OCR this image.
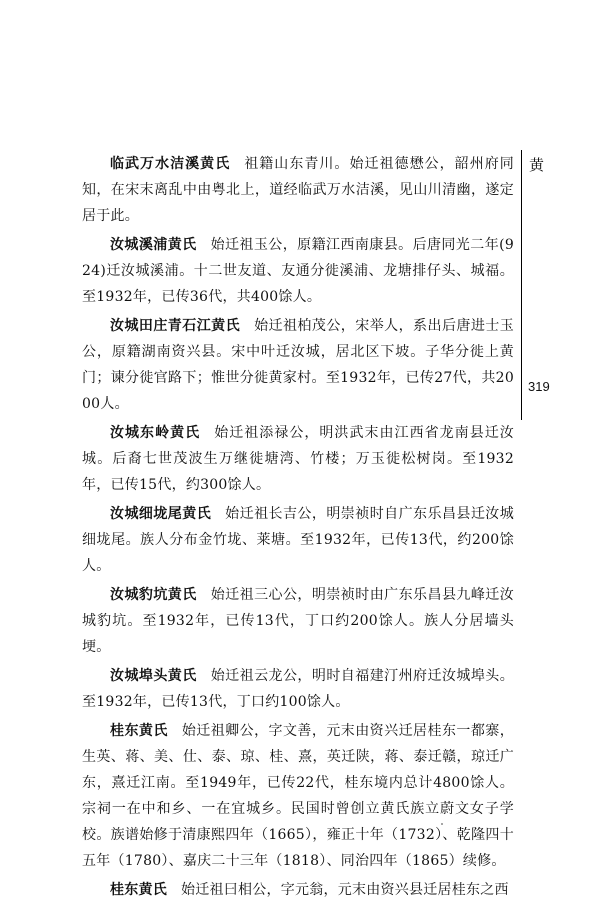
黄
319

临武万水洁溪黄氏 祖籍山东青川。始迁祖德懋公，韶州府同知，在宋末离乱中由粤北上，道经临武万水洁溪，见山川清幽，遂定居于此。

汝城溪浦黄氏 始迁祖玉公，原籍江西南康县。后唐同光二年(924)迁汝城溪浦。十二世友道、友通分徙溪浦、龙塘排仔头、城福。至1932年，已传36代，共400馀人。

汝城田庄青石江黄氏 始迁祖柏茂公，宋举人，系出后唐进士玉公，原籍湖南资兴县。宋中叶迁汝城，居北区下坡。子华分徙上黄门；谏分徙官路下；惟世分徙黄家村。至1932年，已传27代，共2000人。

汝城东岭黄氏 始迁祖添禄公，明洪武末由江西省龙南县迁汝城。后裔七世茂波生万继徙塘湾、竹楼；万玉徙松树岗。至1932年，已传15代，约300馀人。

汝城细垅尾黄氏 始迁祖长吉公，明崇祯时自广东乐昌县迁汝城细垅尾。族人分布金竹垅、莱塘。至1932年，已传13代，约200馀人。

汝城豹坑黄氏 始迁祖三心公，明崇祯时由广东乐昌县九峰迁汝城豹坑。至1932年，已传13代，丁口约200馀人。族人分居墙头埂。

汝城埠头黄氏 始迁祖云龙公，明时自福建汀州府迁汝城埠头。至1932年，已传13代，丁口约100馀人。

桂东黄氏 始迁祖卿公，字文善，元末由资兴迁居桂东一都寨，生英、蒋、美、仕、泰、琼、桂、熹，英迁陕，蒋、泰迁赣，琼迁广东，熹迁江南。至1949年，已传22代，桂东境内总计4800馀人。宗祠一在中和乡、一在宜城乡。民国时曾创立黄氏族立蔚文女子学校。族谱始修于清康熙四年（1665），雍正十年（1732）、乾隆四十五年（1780）、嘉庆二十三年（1818）、同治四年（1865）续修。

桂东黄氏 始迁祖曰相公，字元翁，元末由资兴县迁居桂东之西
